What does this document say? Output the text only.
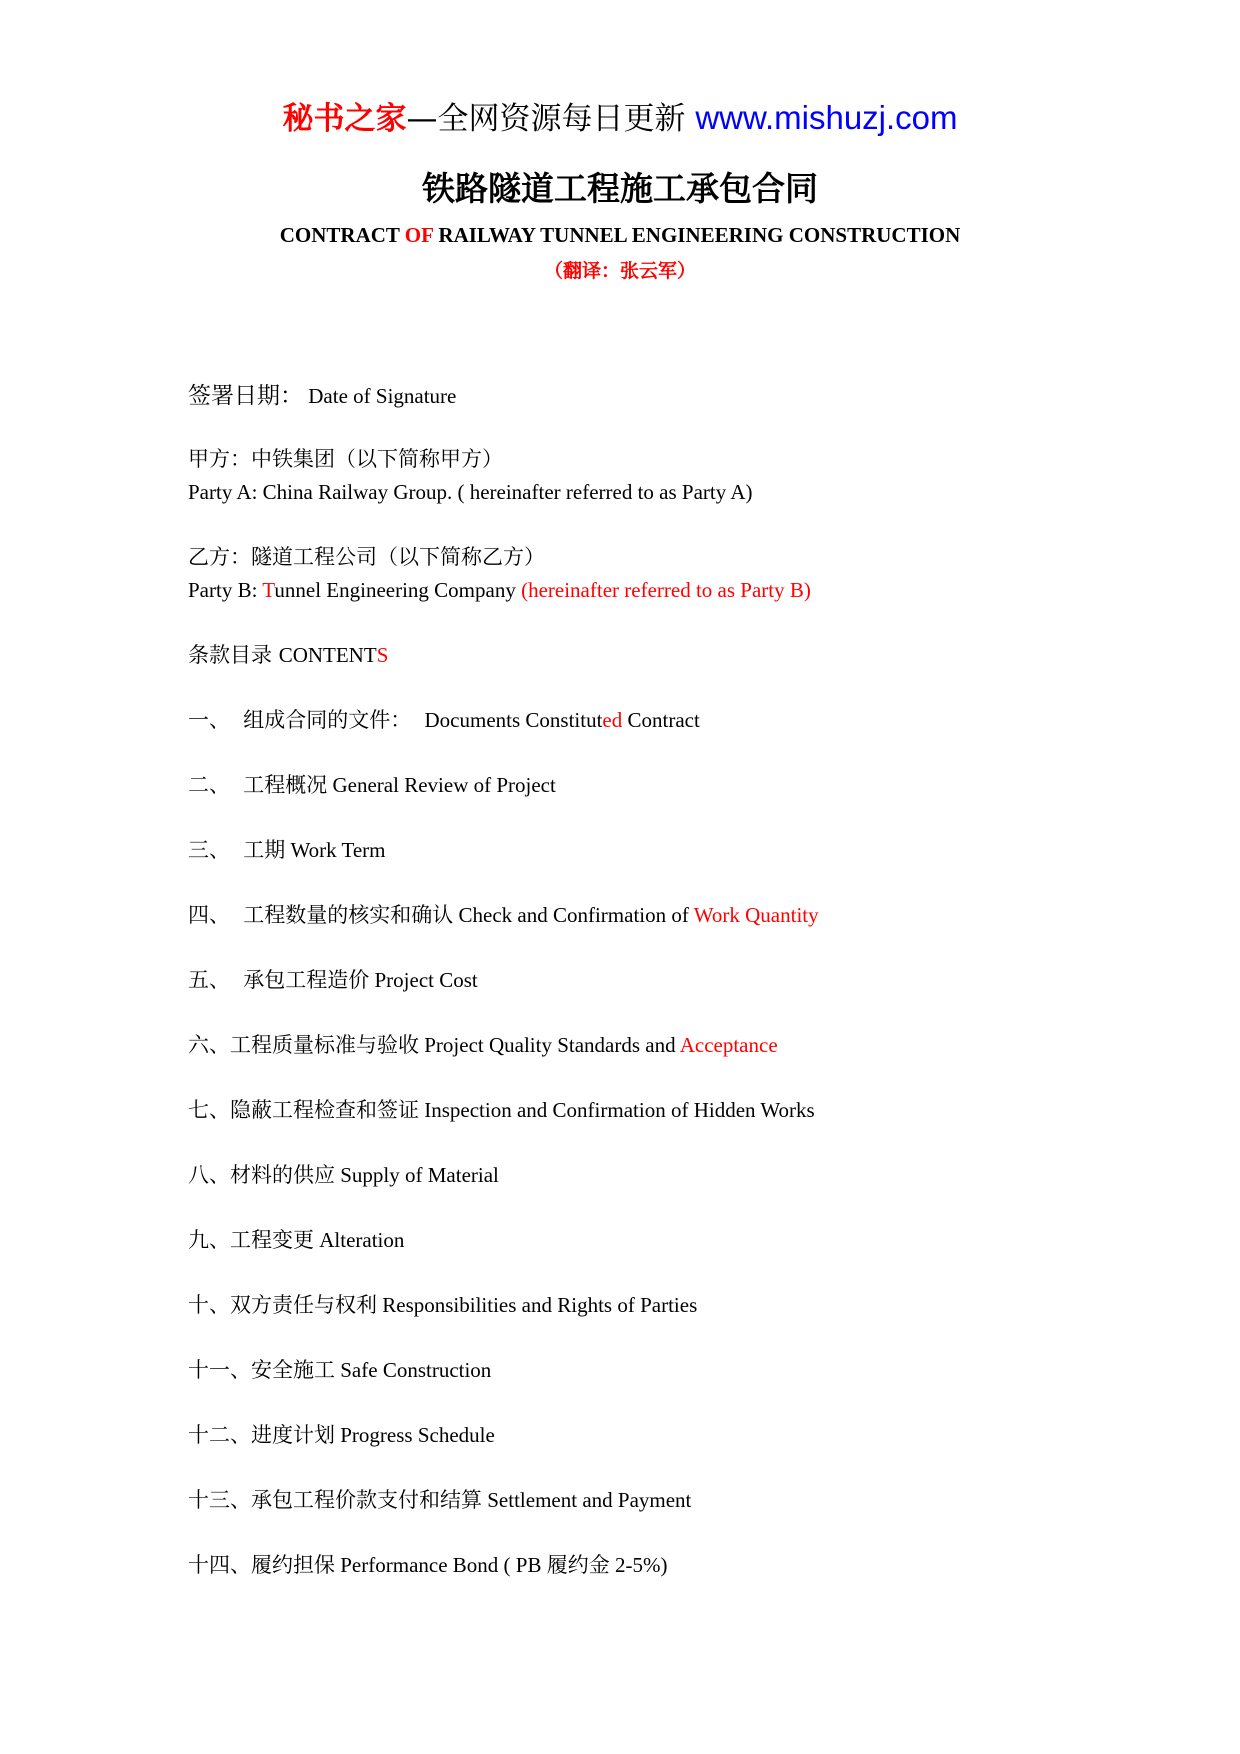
秘书之家—全网资源每日更新 www.mishuzj.com
铁路隧道工程施工承包合同
CONTRACT OF RAILWAY TUNNEL ENGINEERING CONSTRUCTION
（翻译：张云军）
签署日期： Date of Signature
甲方：中铁集团（以下简称甲方）
Party A: China Railway Group. ( hereinafter referred to as Party A)
乙方：隧道工程公司（以下简称乙方）
Party B: Tunnel Engineering Company (hereinafter referred to as Party B)
条款目录 CONTENTS
一、 组成合同的文件： Documents Constituted Contract
二、 工程概况 General Review of Project
三、 工期 Work Term
四、 工程数量的核实和确认 Check and Confirmation of Work Quantity
五、 承包工程造价 Project Cost
六、工程质量标准与验收 Project Quality Standards and Acceptance
七、隐蔽工程检查和签证 Inspection and Confirmation of Hidden Works
八、材料的供应 Supply of Material
九、工程变更 Alteration
十、双方责任与权利 Responsibilities and Rights of Parties
十一、安全施工 Safe Construction
十二、进度计划 Progress Schedule
十三、承包工程价款支付和结算 Settlement and Payment
十四、履约担保 Performance Bond ( PB 履约金 2-5%)
